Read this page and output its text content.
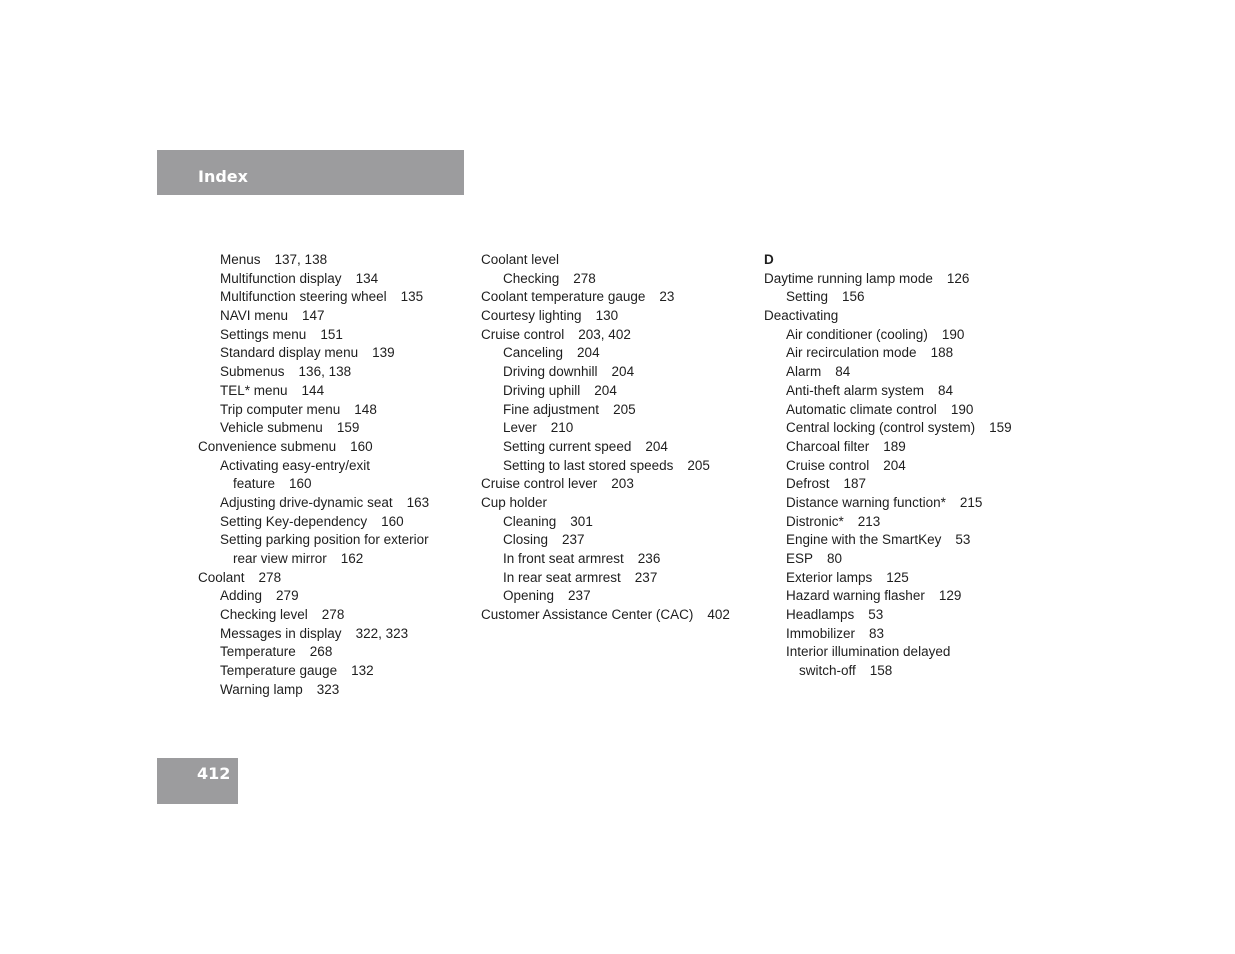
Index
Menus 137, 138
Multifunction display 134
Multifunction steering wheel 135
NAVI menu 147
Settings menu 151
Standard display menu 139
Submenus 136, 138
TEL* menu 144
Trip computer menu 148
Vehicle submenu 159
Convenience submenu 160
Activating easy-entry/exit
feature 160
Adjusting drive-dynamic seat 163
Setting Key-dependency 160
Setting parking position for exterior
rear view mirror 162
Coolant 278
Adding 279
Checking level 278
Messages in display 322, 323
Temperature 268
Temperature gauge 132
Warning lamp 323
Coolant level
Checking 278
Coolant temperature gauge 23
Courtesy lighting 130
Cruise control 203, 402
Canceling 204
Driving downhill 204
Driving uphill 204
Fine adjustment 205
Lever 210
Setting current speed 204
Setting to last stored speeds 205
Cruise control lever 203
Cup holder
Cleaning 301
Closing 237
In front seat armrest 236
In rear seat armrest 237
Opening 237
Customer Assistance Center (CAC) 402
D
Daytime running lamp mode 126
Setting 156
Deactivating
Air conditioner (cooling) 190
Air recirculation mode 188
Alarm 84
Anti-theft alarm system 84
Automatic climate control 190
Central locking (control system) 159
Charcoal filter 189
Cruise control 204
Defrost 187
Distance warning function* 215
Distronic* 213
Engine with the SmartKey 53
ESP 80
Exterior lamps 125
Hazard warning flasher 129
Headlamps 53
Immobilizer 83
Interior illumination delayed
switch-off 158
412
